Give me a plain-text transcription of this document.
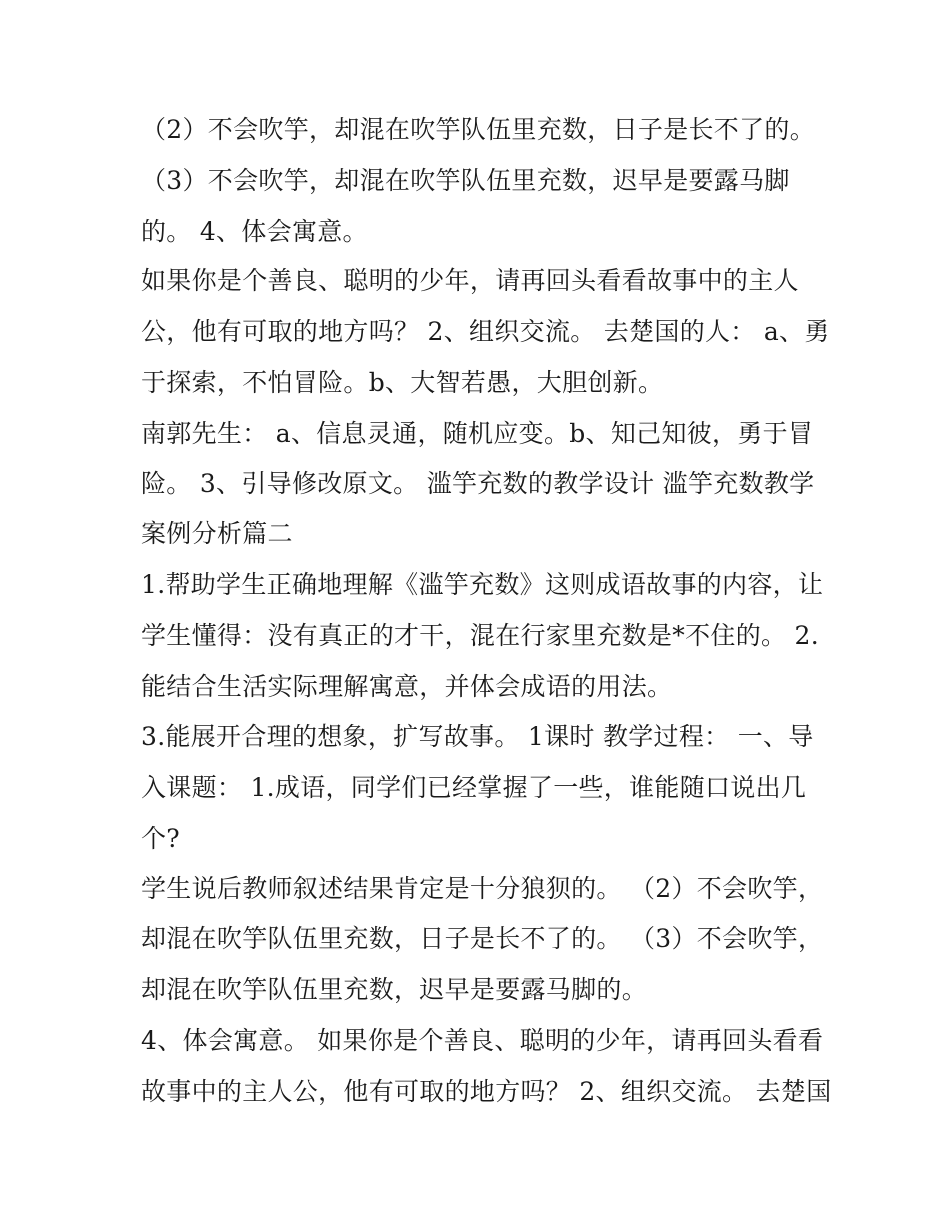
（2）不会吹竽，却混在吹竽队伍里充数，日子是长不了的。
（3）不会吹竽，却混在吹竽队伍里充数，迟早是要露马脚
的。 4、体会寓意。
如果你是个善良、聪明的少年，请再回头看看故事中的主人
公，他有可取的地方吗？ 2、组织交流。 去楚国的人： a、勇
于探索，不怕冒险。b、大智若愚，大胆创新。
南郭先生： a、信息灵通，随机应变。b、知己知彼，勇于冒
险。 3、引导修改原文。 滥竽充数的教学设计 滥竽充数教学
案例分析篇二
1.帮助学生正确地理解《滥竽充数》这则成语故事的内容，让
学生懂得：没有真正的才干，混在行家里充数是*不住的。 2.
能结合生活实际理解寓意，并体会成语的用法。
3.能展开合理的想象，扩写故事。 1课时 教学过程： 一、导
入课题： 1.成语，同学们已经掌握了一些，谁能随口说出几
个?
学生说后教师叙述结果肯定是十分狼狈的。 （2）不会吹竽，
却混在吹竽队伍里充数，日子是长不了的。 （3）不会吹竽，
却混在吹竽队伍里充数，迟早是要露马脚的。
4、体会寓意。 如果你是个善良、聪明的少年，请再回头看看
故事中的主人公，他有可取的地方吗？ 2、组织交流。 去楚国
